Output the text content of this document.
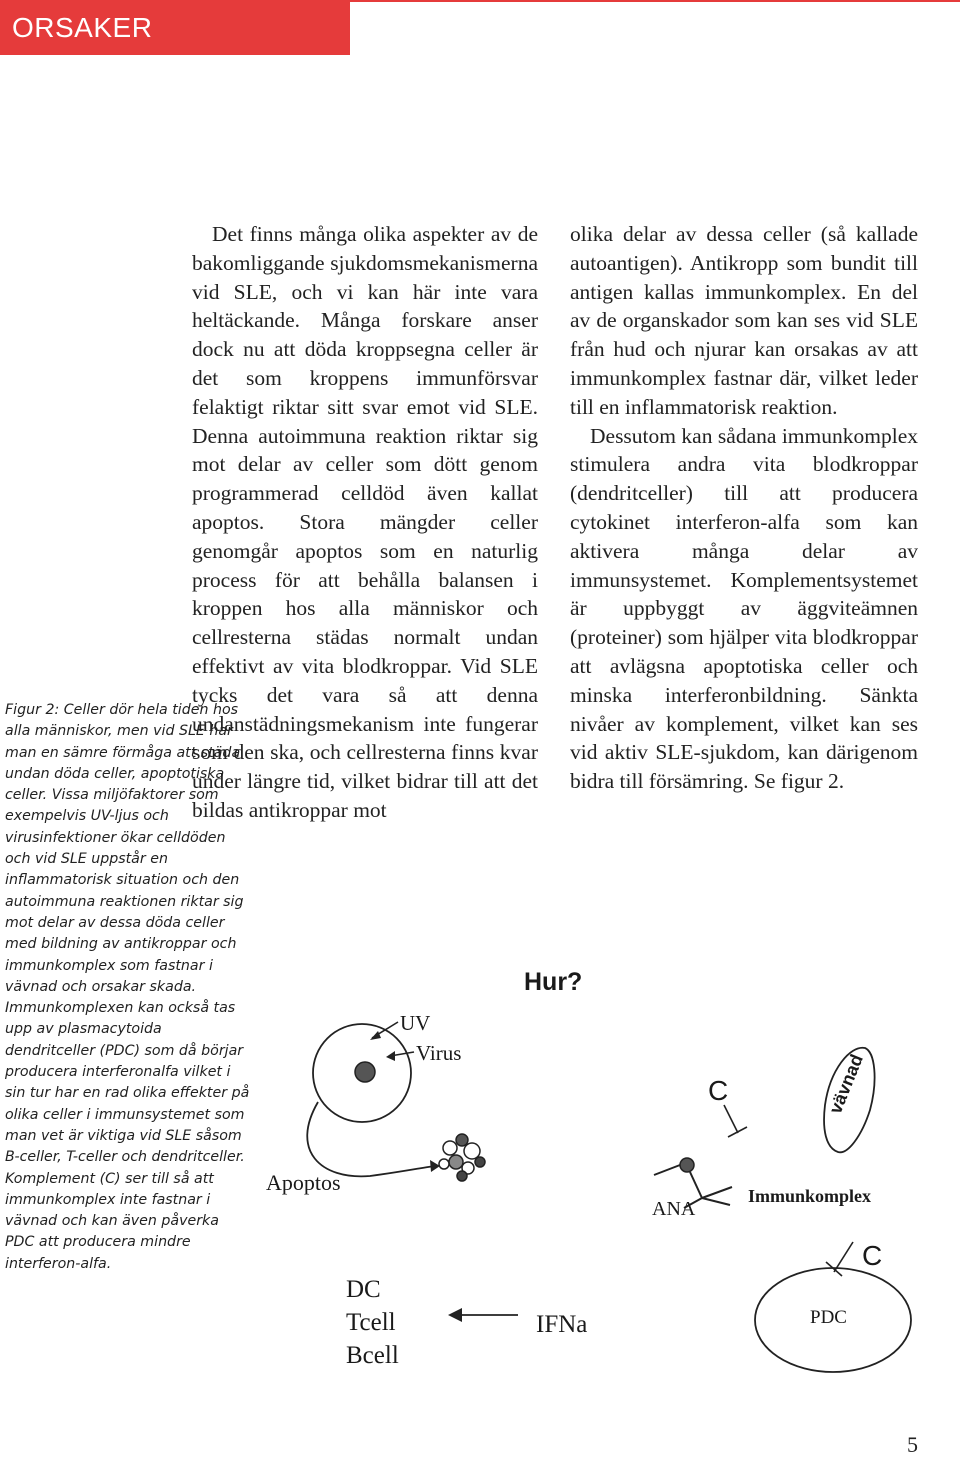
ORSAKER

Det finns många olika aspekter av de bakomliggande sjukdomsmekanismerna vid SLE, och vi kan här inte vara heltäckande. Många forskare anser dock nu att döda kroppsegna celler är det som kroppens immunförsvar felaktigt riktar sitt svar emot vid SLE. Denna autoimmuna reaktion riktar sig mot delar av celler som dött genom programmerad celldöd även kallat apoptos. Stora mängder celler genomgår apoptos som en naturlig process för att behålla balansen i kroppen hos alla människor och cellresterna städas normalt undan effektivt av vita blodkroppar. Vid SLE tycks det vara så att denna undanstädningsmekanism inte fungerar som den ska, och cellresterna finns kvar under längre tid, vilket bidrar till att det bildas antikroppar mot

olika delar av dessa celler (så kallade autoantigen). Antikropp som bundit till antigen kallas immunkomplex. En del av de organskador som kan ses vid SLE från hud och njurar kan orsakas av att immunkomplex fastnar där, vilket leder till en inflammatorisk reaktion.

Dessutom kan sådana immunkomplex stimulera andra vita blodkroppar (dendritceller) till att producera cytokinet interferon-alfa som kan aktivera många delar av immunsystemet. Komplementsystemet är uppbyggt av äggviteämnen (proteiner) som hjälper vita blodkroppar att avlägsna apoptotiska celler och minska interferonbildning. Sänkta nivåer av komplement, vilket kan ses vid aktiv SLE-sjukdom, kan därigenom bidra till försämring. Se figur 2.

Figur 2: Celler dör hela tiden hos alla människor, men vid SLE har man en sämre förmåga att städa undan döda celler, apoptotiska celler. Vissa miljöfaktorer som exempelvis UV-ljus och virusinfektioner ökar celldöden och vid SLE uppstår en inflammatorisk situation och den autoimmuna reaktionen riktar sig mot delar av dessa döda celler med bildning av antikroppar och immunkomplex som fastnar i vävnad och orsakar skada. Immunkomplexen kan också tas upp av plasmacytoida dendritceller (PDC) som då börjar producera interferonalfa vilket i sin tur har en rad olika effekter på olika celler i immunsystemet som man vet är viktiga vid SLE såsom B-celler, T-celler och dendritceller. Komplement (C) ser till så att immunkomplex inte fastnar i vävnad och kan även påverka PDC att producera mindre interferon-alfa.
Hur?
UV
Virus
Apoptos
C	vävnad
ANA
Immunkomplex
C
PDC
DC
Tcell
Bcell
IFNa
5
